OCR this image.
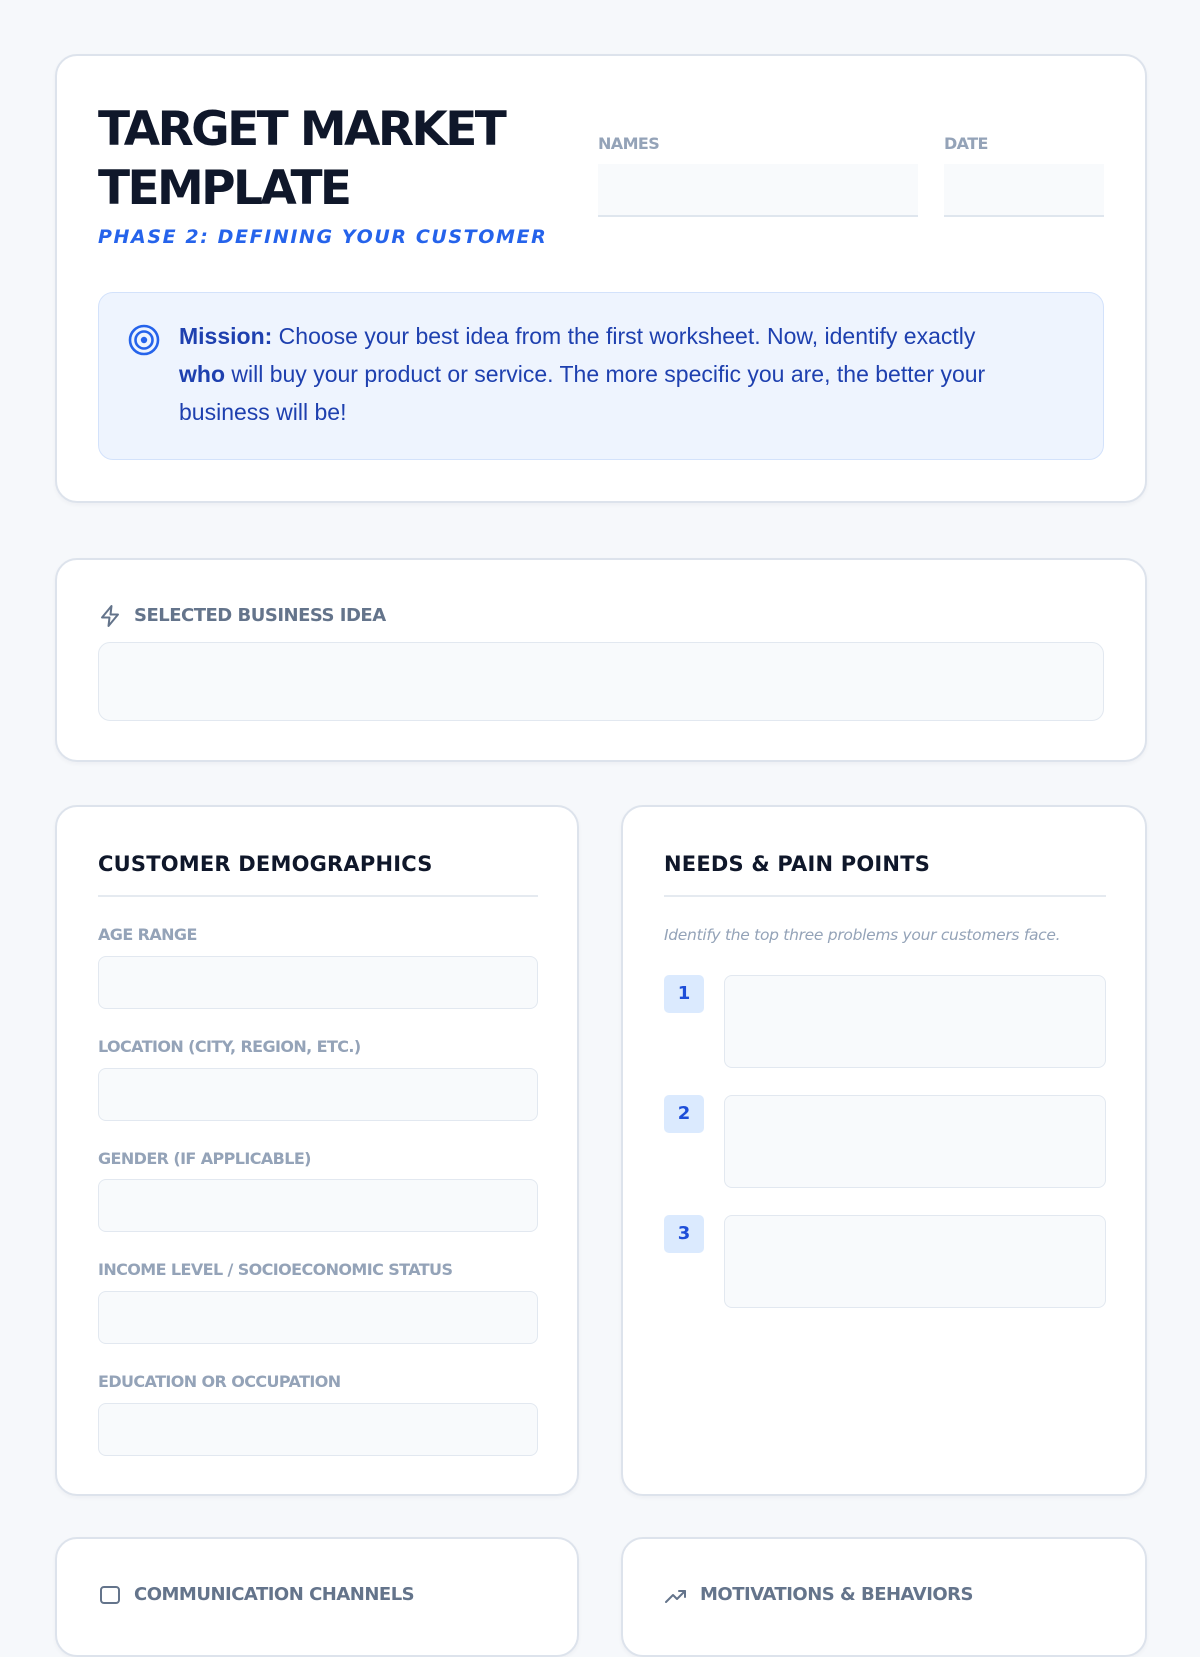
TARGET MARKET
TEMPLATE
PHASE 2: DEFINING YOUR CUSTOMER
NAMES	DATE
Mission: Choose your best idea from the first worksheet. Now, identify exactly
who will buy your product or service. The more specific you are, the better your
business will be!
SELECTED BUSINESS IDEA
CUSTOMER DEMOGRAPHICS
AGE RANGE
LOCATION (CITY, REGION, ETC.)
GENDER (IF APPLICABLE)
INCOME LEVEL / SOCIOECONOMIC STATUS
EDUCATION OR OCCUPATION
NEEDS & PAIN POINTS
Identify the top three problems your customers face.
1
2
3
COMMUNICATION CHANNELS	MOTIVATIONS & BEHAVIORS
